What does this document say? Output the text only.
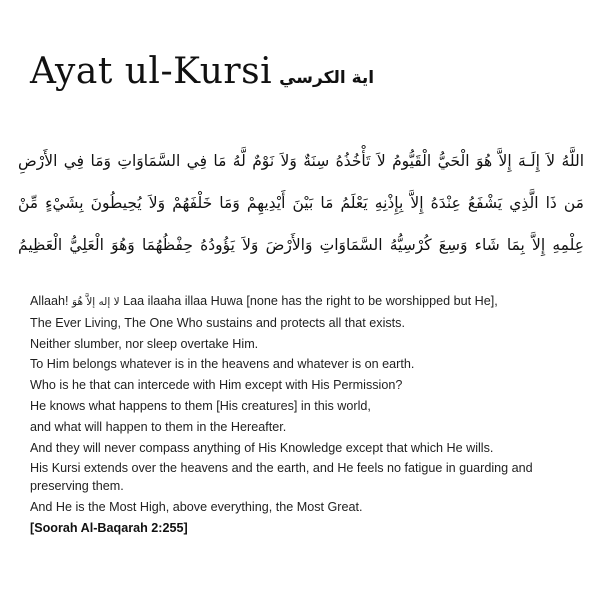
Ayat ul-Kursi اية الكرسي
اللَّهُ لاَ إِلَـهَ إِلاَّ هُوَ الْحَيُّ الْقَيُّومُ لاَ تَأْخُذُهُ سِنَةٌ وَلاَ نَوْمٌ لَّهُ مَا فِي السَّمَاوَاتِ وَمَا فِي الأَرْضِ
مَن ذَا الَّذِي يَشْفَعُ عِنْدَهُ إِلاَّ بِإِذْنِهِ يَعْلَمُ مَا بَيْنَ أَيْدِيهِمْ وَمَا خَلْفَهُمْ وَلاَ يُحِيطُونَ بِشَيْءٍ مِّنْ
عِلْمِهِ إِلاَّ بِمَا شَاء وَسِعَ كُرْسِيُّهُ السَّمَاوَاتِ وَالأَرْضَ وَلاَ يَؤُودُهُ حِفْظُهُمَا وَهُوَ الْعَلِيُّ الْعَظِيمُ
Allaah! لا إله إلاَّ هُوَ Laa ilaaha illaa Huwa [none has the right to be worshipped but He],
The Ever Living, The One Who sustains and protects all that exists.
Neither slumber, nor sleep overtake Him.
To Him belongs whatever is in the heavens and whatever is on earth.
Who is he that can intercede with Him except with His Permission?
He knows what happens to them [His creatures] in this world,
and what will happen to them in the Hereafter.
And they will never compass anything of His Knowledge except that which He wills.
His Kursi extends over the heavens and the earth, and He feels no fatigue in guarding and preserving them.
And He is the Most High, above everything, the Most Great.
[Soorah Al-Baqarah 2:255]
